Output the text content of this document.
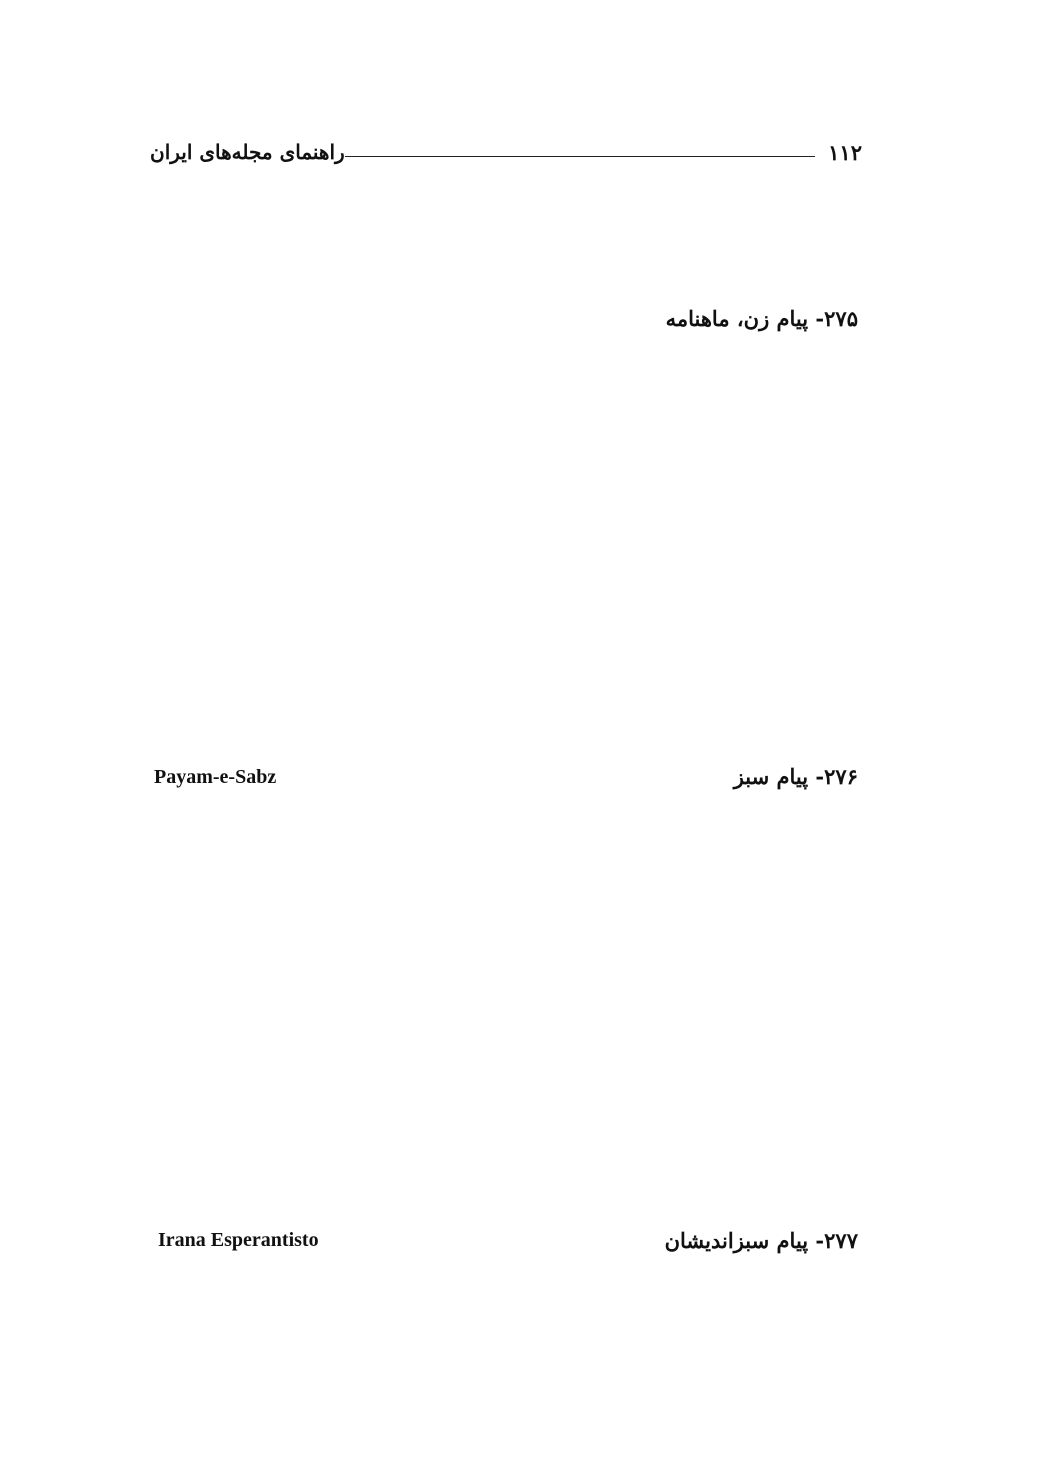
۱۱۲
راهنمای مجله‌های ایران
۲۷۵- پیام زن، ماهنامه
۲۷۶- پیام سبز
Payam-e-Sabz
۲۷۷- پیام سبزاندیشان
Irana Esperantisto
